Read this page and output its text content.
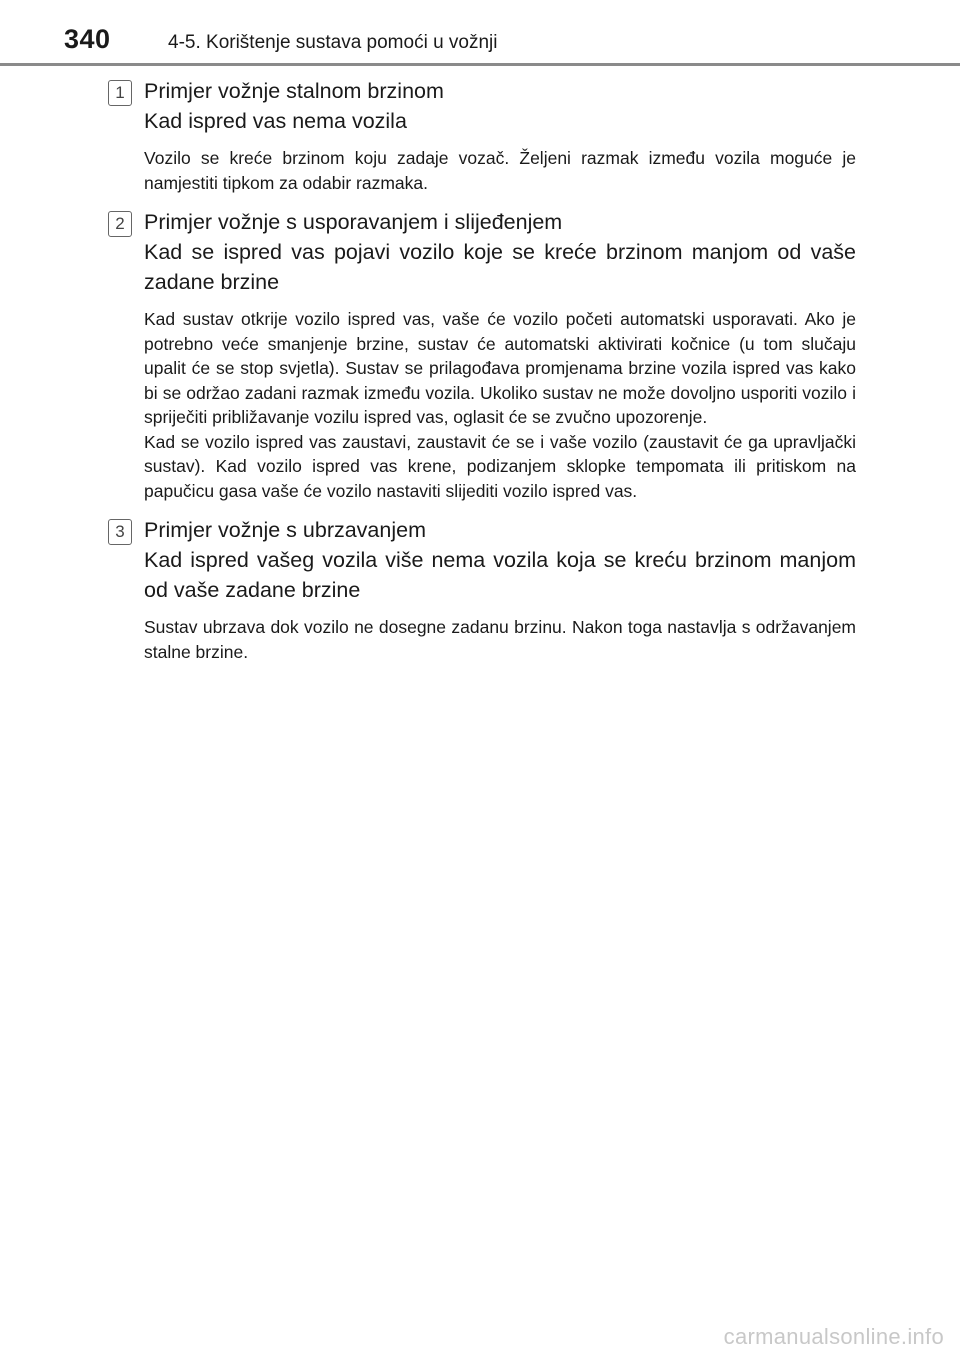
340	4-5. Korištenje sustava pomoći u vožnji
1 Primjer vožnje stalnom brzinom
Kad ispred vas nema vozila
Vozilo se kreće brzinom koju zadaje vozač. Željeni razmak između vozila moguće je namjestiti tipkom za odabir razmaka.
2 Primjer vožnje s usporavanjem i slijeđenjem
Kad se ispred vas pojavi vozilo koje se kreće brzinom manjom od vaše zadane brzine
Kad sustav otkrije vozilo ispred vas, vaše će vozilo početi automatski usporavati. Ako je potrebno veće smanjenje brzine, sustav će automatski aktivirati kočnice (u tom slučaju upalit će se stop svjetla). Sustav se prilagođava promjenama brzine vozila ispred vas kako bi se održao zadani razmak između vozila. Ukoliko sustav ne može dovoljno usporiti vozilo i spriječiti približavanje vozilu ispred vas, oglasit će se zvučno upozorenje.
Kad se vozilo ispred vas zaustavi, zaustavit će se i vaše vozilo (zaustavit će ga upravljački sustav). Kad vozilo ispred vas krene, podizanjem sklopke tempomata ili pritiskom na papučicu gasa vaše će vozilo nastaviti slijediti vozilo ispred vas.
3 Primjer vožnje s ubrzavanjem
Kad ispred vašeg vozila više nema vozila koja se kreću brzinom manjom od vaše zadane brzine
Sustav ubrzava dok vozilo ne dosegne zadanu brzinu. Nakon toga nastavlja s održavanjem stalne brzine.
carmanualsonline.info
